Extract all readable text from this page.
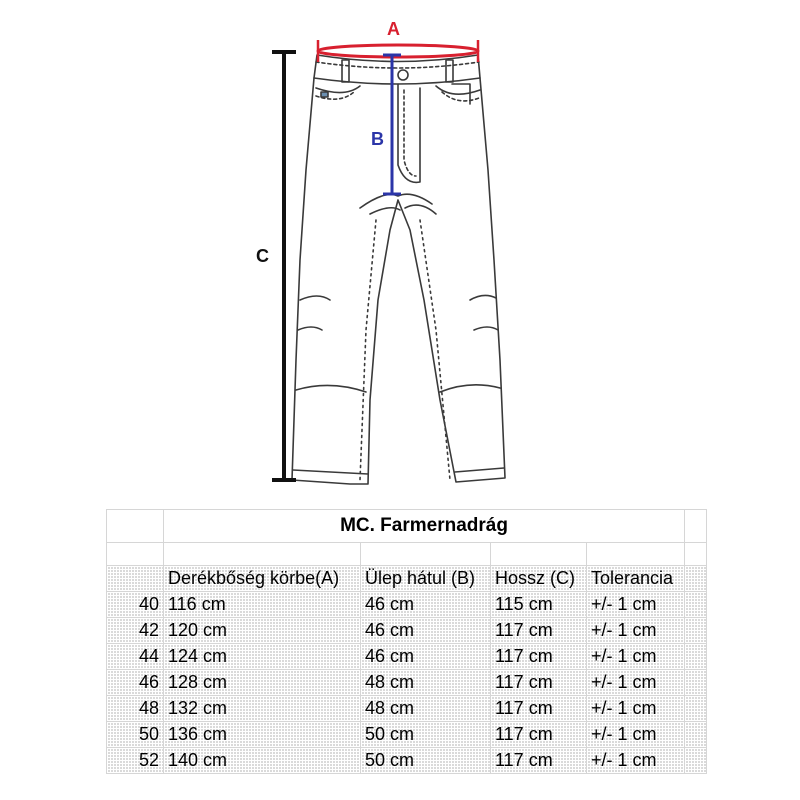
A
B
C
	MC. Farmernadrág				

	Derékbőség körbe(A)	Ülep hátul (B)	Hossz (C)	Tolerancia	
40	116 cm	46 cm	115 cm	+/- 1 cm	
42	120 cm	46 cm	117 cm	+/- 1 cm	
44	124 cm	46 cm	117 cm	+/- 1 cm	
46	128 cm	48 cm	117 cm	+/- 1 cm	
48	132 cm	48 cm	117 cm	+/- 1 cm	
50	136 cm	50 cm	117 cm	+/- 1 cm	
52	140 cm	50 cm	117 cm	+/- 1 cm	
